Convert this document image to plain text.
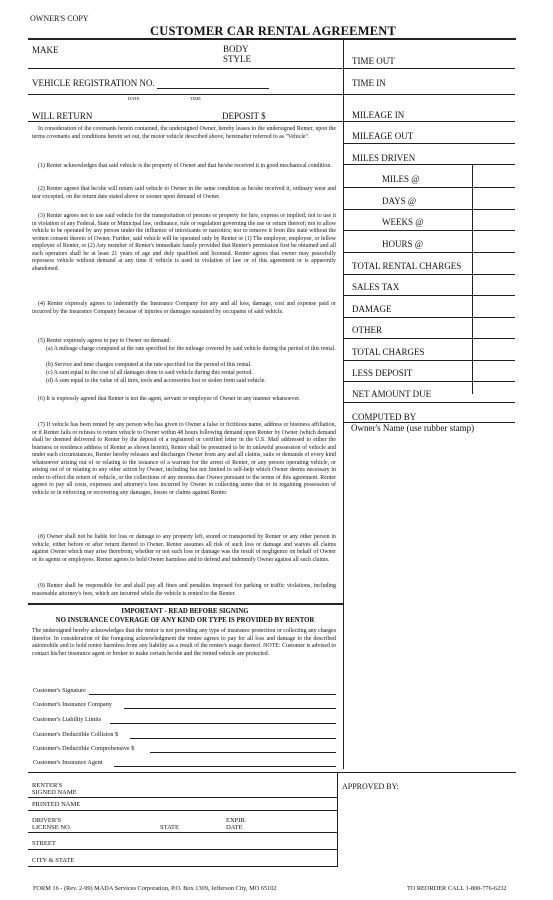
OWNER'S COPY
CUSTOMER CAR RENTAL AGREEMENT
MAKE	BODY
STYLE
VEHICLE REGISTRATION NO.
DATE	TIME
WILL RETURN	DEPOSIT $
TIME OUT
TIME IN
MILEAGE IN
MILEAGE OUT
MILES DRIVEN
MILES @
DAYS @
WEEKS @
HOURS @
TOTAL RENTAL CHARGES
SALES TAX
DAMAGE
OTHER
TOTAL CHARGES
LESS DEPOSIT
NET AMOUNT DUE
COMPUTED BY
Owner's Name (use rubber stamp)
In consideration of the covenants herein contained, the undersigned Owner, hereby leases to the undersigned Renter, upon the terms covenants and conditions herein set out, the motor vehicle described above, hereinafter referred to as "Vehicle".
(1) Renter acknowledges that said vehicle is the property of Owner and that he/she received it in good mechanical condition.
(2) Renter agrees that he/she will return said vehicle to Owner in the same condition as he/she received it, ordinary wear and tear excepted, on the return date stated above or sooner upon demand of Owner.
(3) Renter agrees not to use said vehicle for the transportation of persons or property for hire, express or implied; not to use it in violation of any Federal, State or Municipal law, ordinance, rule or regulation governing the use or return thereof; not to allow vehicle to be operated by any person under the influence of intoxicants or narcotics; nor to remove it from this state without the written consent thereto of Owner. Further, said vehicle will be operated only by Renter or (1) The employer, employee, or fellow employee of Renter, or (2) Any member of Renter's immediate family provided that Renter's permission first be obtained and all such operators shall be at least 21 years of age and duly qualified and licensed. Renter agrees that owner may peacefully repossess vehicle without demand at any time if vehicle is used in violation of law or of this agreement or is apparently abandoned.
(4) Renter expressly agrees to indemnify the Insurance Company for any and all loss, damage, cost and expense paid or incurred by the Insurance Company because of injuries or damages sustained by occupants of said vehicle.
(5) Renter expressly agrees to pay to Owner on demand:
(a) A mileage charge computed at the rate specified for the mileage covered by said vehicle during the period of this rental.
(b) Service and time charges computed at the rate specified for the period of this rental.
(c) A sum equal to the cost of all damages done to said vehicle during this rental period.
(d) A sum equal to the value of all tires, tools and accessories lost or stolen from said vehicle.
(6) It is expressly agreed that Renter is not the agent, servant or employee of Owner in any manner whatsoever.
(7) If vehicle has been rented by any person who has given to Owner a false or fictitious name, address or business affiliation, or if Renter fails or refuses to return vehicle to Owner within 48 hours following demand upon Renter by Owner (which demand shall be deemed delivered to Renter by the deposit of a registered or certified letter in the U.S. Mail addressed to either the business or residence address of Renter as shown herein), Renter shall be presumed to be in unlawful possession of vehicle and under such circumstances, Renter hereby releases and discharges Owner from any and all claims, suits or demands of every kind whatsoever arising out of or relating to the issuance of a warrant for the arrest of Renter, or any person operating vehicle, or arising out of or relating to any other action by Owner, including but not limited to self-help which Owner deems necessary in order to effect the return of vehicle, or the collections of any monies due Owner pursuant to the terms of this agreement. Renter agrees to pay all costs, expenses and attorney's fees incurred by Owner in collecting sums due or in regaining possession of vehicle or in enforcing or recovering any damages, losses or claims against Renter.
(8) Owner shall not be liable for loss or damage to any property left, stored or transported by Renter or any other person in vehicle, either before or after return thereof to Owner. Renter assumes all risk of such loss or damage and waives all claims against Owner which may arise therefrom, whether or not such loss or damage was the result of negligence on behalf of Owner or its agents or employees. Renter agrees to hold Owner harmless and to defend and indemnify Owner against all such claims.
(9) Renter shall be responsible for and shall pay all fines and penalties imposed for parking or traffic violations, including reasonable attorney's fees, which are incurred while the vehicle is rented to the Renter.
IMPORTANT - READ BEFORE SIGNING
NO INSURANCE COVERAGE OF ANY KIND OR TYPE IS PROVIDED BY RENTOR
The undersigned hereby acknowledges that the rentor is not providing any type of insurance protection or collecting any charges therefor. In consideration of the foregoing acknowledgment the rentee agrees to pay for all loss and damage to the described automobile and to hold rentor harmless from any liability as a result of the rentee's usage thereof. NOTE: Customer is advised to contact his/her insurance agent or broker to make certain he/she and the rented vehicle are protected.
Customer's Signature
Customer's Insurance Company
Customer's Liability Limits
Customer's Deductible Collision $
Customer's Deductible Comprehensive $
Customer's Insurance Agent
RENTER'S
SIGNED NAME
PRINTED NAME
DRIVER'S
LICENSE NO.	STATE
EXPIR.
DATE
STREET
CITY & STATE
APPROVED BY:
FORM 16 - (Rev. 2-99) MADA Services Corporation, P.O. Box 1309, Jefferson City, MO 65102	TO REORDER CALL 1-800-776-6232
